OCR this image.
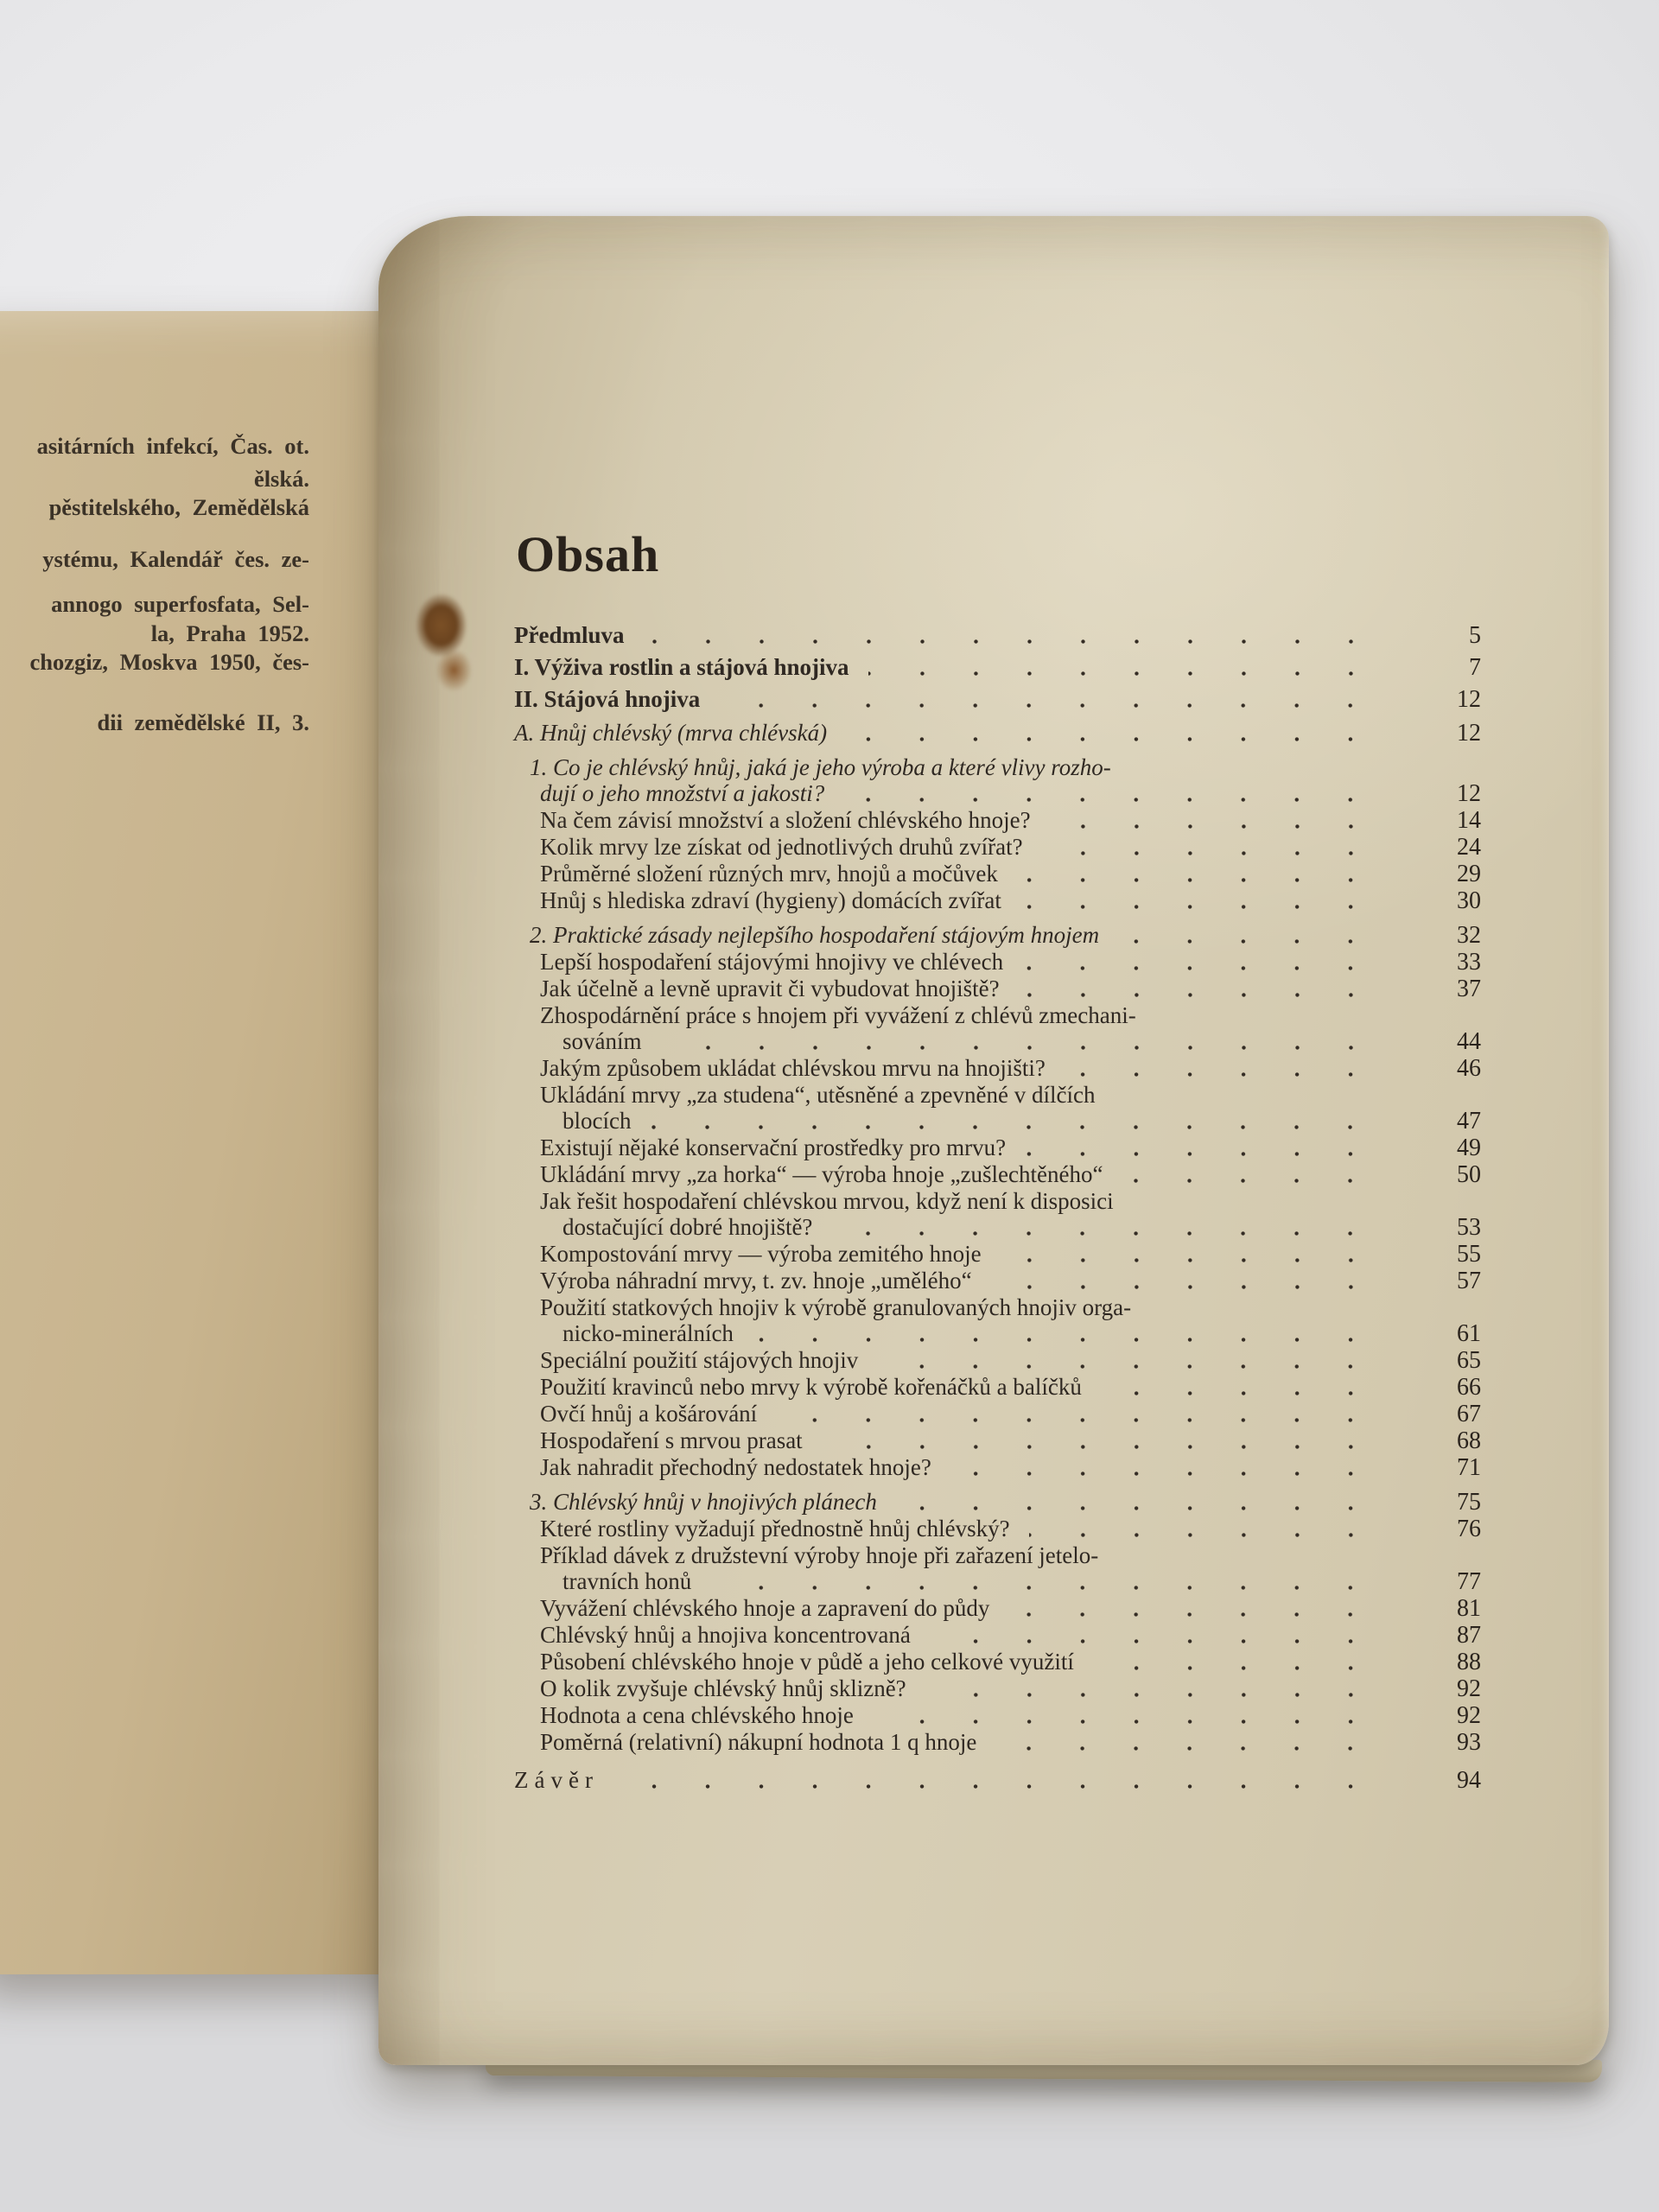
asitárních infekcí, Čas. ot.
ělská.
pěstitelského, Zemědělská
ystému, Kalendář čes. ze-
annogo superfosfata, Sel-
la, Praha 1952.
chozgiz, Moskva 1950, čes-
dii zemědělské II, 3.
Obsah
Předmluva	5
I. Výživa rostlin a stájová hnojiva	7
II. Stájová hnojiva	12
A. Hnůj chlévský (mrva chlévská)	12
1. Co je chlévský hnůj, jaká je jeho výroba a které vlivy rozho-
dují o jeho množství a jakosti?	12
Na čem závisí množství a složení chlévského hnoje?	14
Kolik mrvy lze získat od jednotlivých druhů zvířat?	24
Průměrné složení různých mrv, hnojů a močůvek	29
Hnůj s hlediska zdraví (hygieny) domácích zvířat	30
2. Praktické zásady nejlepšího hospodaření stájovým hnojem	32
Lepší hospodaření stájovými hnojivy ve chlévech	33
Jak účelně a levně upravit či vybudovat hnojiště?	37
Zhospodárnění práce s hnojem při vyvážení z chlévů zmechani-
sováním	44
Jakým způsobem ukládat chlévskou mrvu na hnojišti?	46
Ukládání mrvy „za studena“, utěsněné a zpevněné v dílčích
blocích	47
Existují nějaké konservační prostředky pro mrvu?	49
Ukládání mrvy „za horka“ — výroba hnoje „zušlechtěného“	50
Jak řešit hospodaření chlévskou mrvou, když není k disposici
dostačující dobré hnojiště?	53
Kompostování mrvy — výroba zemitého hnoje	55
Výroba náhradní mrvy, t. zv. hnoje „umělého“	57
Použití statkových hnojiv k výrobě granulovaných hnojiv orga-
nicko-minerálních	61
Speciální použití stájových hnojiv	65
Použití kravinců nebo mrvy k výrobě kořenáčků a balíčků	66
Ovčí hnůj a košárování	67
Hospodaření s mrvou prasat	68
Jak nahradit přechodný nedostatek hnoje?	71
3. Chlévský hnůj v hnojivých plánech	75
Které rostliny vyžadují přednostně hnůj chlévský?	76
Příklad dávek z družstevní výroby hnoje při zařazení jetelo-
travních honů	77
Vyvážení chlévského hnoje a zapravení do půdy	81
Chlévský hnůj a hnojiva koncentrovaná	87
Působení chlévského hnoje v půdě a jeho celkové využití	88
O kolik zvyšuje chlévský hnůj sklizně?	92
Hodnota a cena chlévského hnoje	92
Poměrná (relativní) nákupní hodnota 1 q hnoje	93
Závěr	94
